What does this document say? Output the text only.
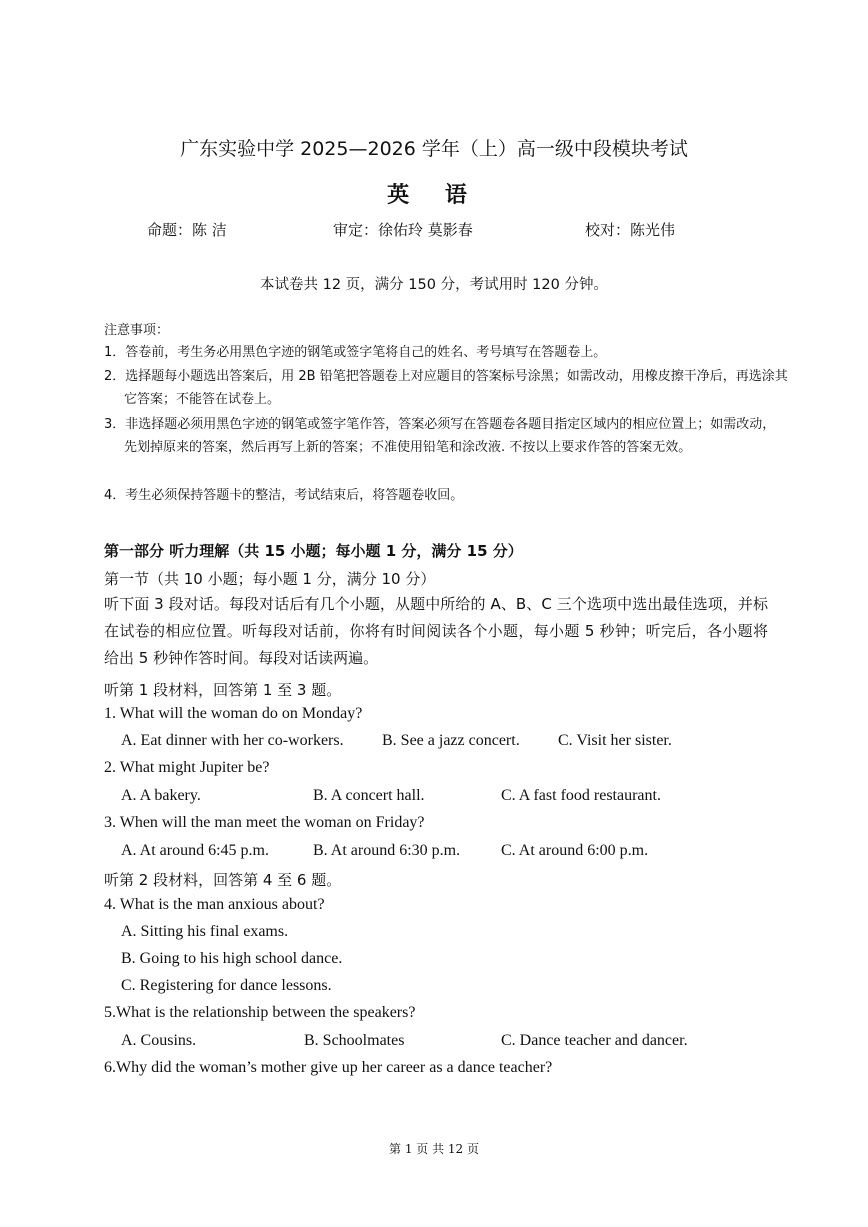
广东实验中学 2025—2026 学年（上）高一级中段模块考试
英 语
命题：陈 洁	审定：徐佑玲 莫影春	校对：陈光伟
本试卷共 12 页，满分 150 分，考试用时 120 分钟。
注意事项：
1．答卷前，考生务必用黑色字迹的钢笔或签字笔将自己的姓名、考号填写在答题卷上。
2．选择题每小题选出答案后，用 2B 铅笔把答题卷上对应题目的答案标号涂黑；如需改动，用橡皮擦干净后，再选涂其它答案；不能答在试卷上。
3．非选择题必须用黑色字迹的钢笔或签字笔作答，答案必须写在答题卷各题目指定区域内的相应位置上；如需改动，先划掉原来的答案，然后再写上新的答案；不准使用铅笔和涂改液. 不按以上要求作答的答案无效。
4．考生必须保持答题卡的整洁，考试结束后，将答题卷收回。
第一部分 听力理解（共 15 小题；每小题 1 分，满分 15 分）
第一节（共 10 小题；每小题 1 分，满分 10 分）
听下面 3 段对话。每段对话后有几个小题，从题中所给的 A、B、C 三个选项中选出最佳选项，并标在试卷的相应位置。听每段对话前，你将有时间阅读各个小题，每小题 5 秒钟；听完后，各小题将给出 5 秒钟作答时间。每段对话读两遍。
听第 1 段材料，回答第 1 至 3 题。
1. What will the woman do on Monday?
A. Eat dinner with her co-workers. B. See a jazz concert. C. Visit her sister.
2. What might Jupiter be?
A. A bakery.	B. A concert hall.	C. A fast food restaurant.
3. When will the man meet the woman on Friday?
A. At around 6:45 p.m.	B. At around 6:30 p.m.	C. At around 6:00 p.m.
听第 2 段材料，回答第 4 至 6 题。
4. What is the man anxious about?
A. Sitting his final exams.
B. Going to his high school dance.
C. Registering for dance lessons.
5.What is the relationship between the speakers?
A. Cousins.	B. Schoolmates	C. Dance teacher and dancer.
6.Why did the woman’s mother give up her career as a dance teacher?
第 1 页 共 12 页
